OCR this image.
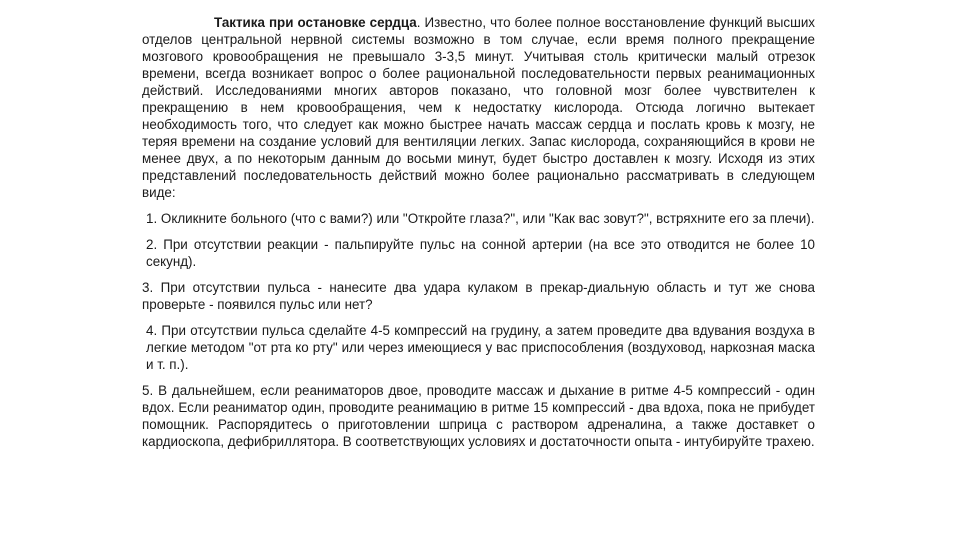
Тактика при остановке сердца. Известно, что более полное восстановление функций высших отделов центральной нервной системы возможно в том случае, если время полного прекращение мозгового кровообращения не превышало 3-3,5 минут. Учитывая столь критически малый отрезок времени, всегда возникает вопрос о более рациональной последовательности первых реанимационных действий. Исследованиями многих авторов показано, что головной мозг более чувствителен к прекращению в нем кровообращения, чем к недостатку кислорода. Отсюда логично вытекает необходимость того, что следует как можно быстрее начать массаж сердца и послать кровь к мозгу, не теряя времени на создание условий для вентиляции легких. Запас кислорода, сохраняющийся в крови не менее двух, а по некоторым данным до восьми минут, будет быстро доставлен к мозгу. Исходя из этих представлений последовательность действий можно более рационально рассматривать в следующем виде:

1. Окликните больного (что с вами?) или "Откройте глаза?", или "Как вас зовут?", встряхните его за плечи).

2. При отсутствии реакции - пальпируйте пульс на сонной артерии (на все это отводится не более 10 секунд).

3. При отсутствии пульса - нанесите два удара кулаком в прекар-диальную область и тут же снова проверьте - появился пульс или нет?

4. При отсутствии пульса сделайте 4-5 компрессий на грудину, а затем проведите два вдувания воздуха в легкие методом "от рта ко рту" или через имеющиеся у вас приспособления (воздуховод, наркозная маска и т. п.).

5. В дальнейшем, если реаниматоров двое, проводите массаж и дыхание в ритме 4-5 компрессий - один вдох. Если реаниматор один, проводите реанимацию в ритме 15 компрессий - два вдоха, пока не прибудет помощник. Распорядитесь о приготовлении шприца с раствором адреналина, а также доставкет о кардиоскопа, дефибриллятора. В соответствующих условиях и достаточности опыта - интубируйте трахею.
